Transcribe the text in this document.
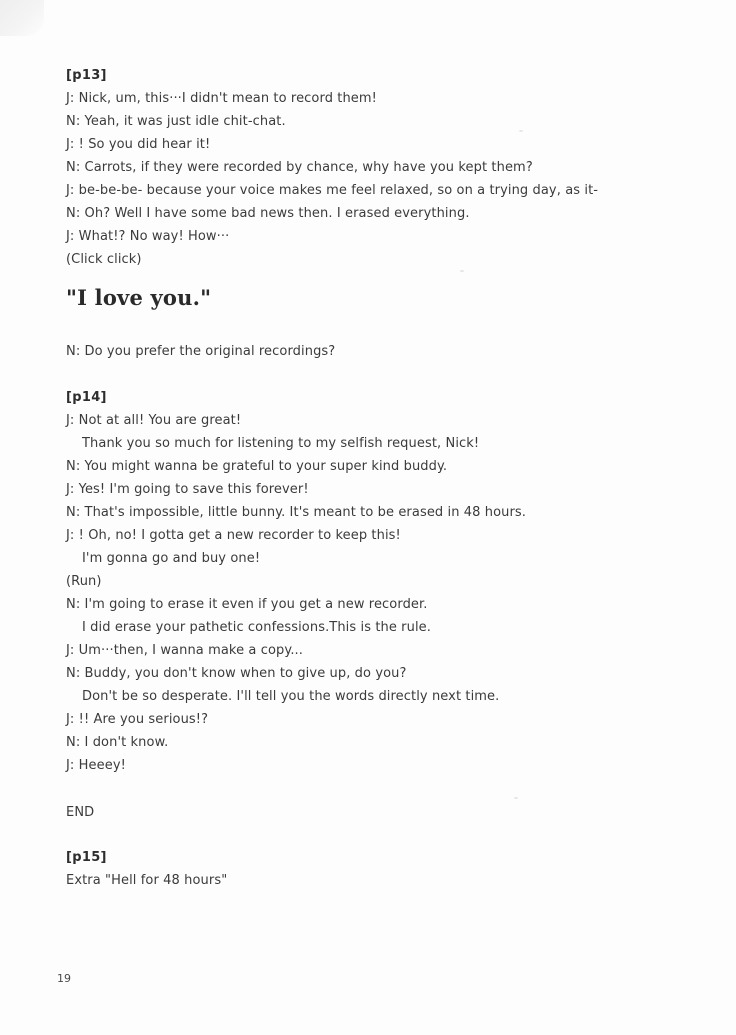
[p13]
J: Nick, um, this···I didn't mean to record them!
N: Yeah, it was just idle chit-chat.
J: ! So you did hear it!
N: Carrots, if they were recorded by chance, why have you kept them?
J: be-be-be- because your voice makes me feel relaxed, so on a trying day, as it-
N: Oh? Well I have some bad news then. I erased everything.
J: What!? No way! How···
(Click click)
"I love you."
N: Do you prefer the original recordings?
[p14]
J: Not at all! You are great!
Thank you so much for listening to my selfish request, Nick!
N: You might wanna be grateful to your super kind buddy.
J: Yes! I'm going to save this forever!
N: That's impossible, little bunny. It's meant to be erased in 48 hours.
J: ! Oh, no! I gotta get a new recorder to keep this!
I'm gonna go and buy one!
(Run)
N: I'm going to erase it even if you get a new recorder.
I did erase your pathetic confessions.This is the rule.
J: Um···then, I wanna make a copy...
N: Buddy, you don't know when to give up, do you?
Don't be so desperate. I'll tell you the words directly next time.
J: !! Are you serious!?
N: I don't know.
J: Heeey!
END
[p15]
Extra "Hell for 48 hours"
19
